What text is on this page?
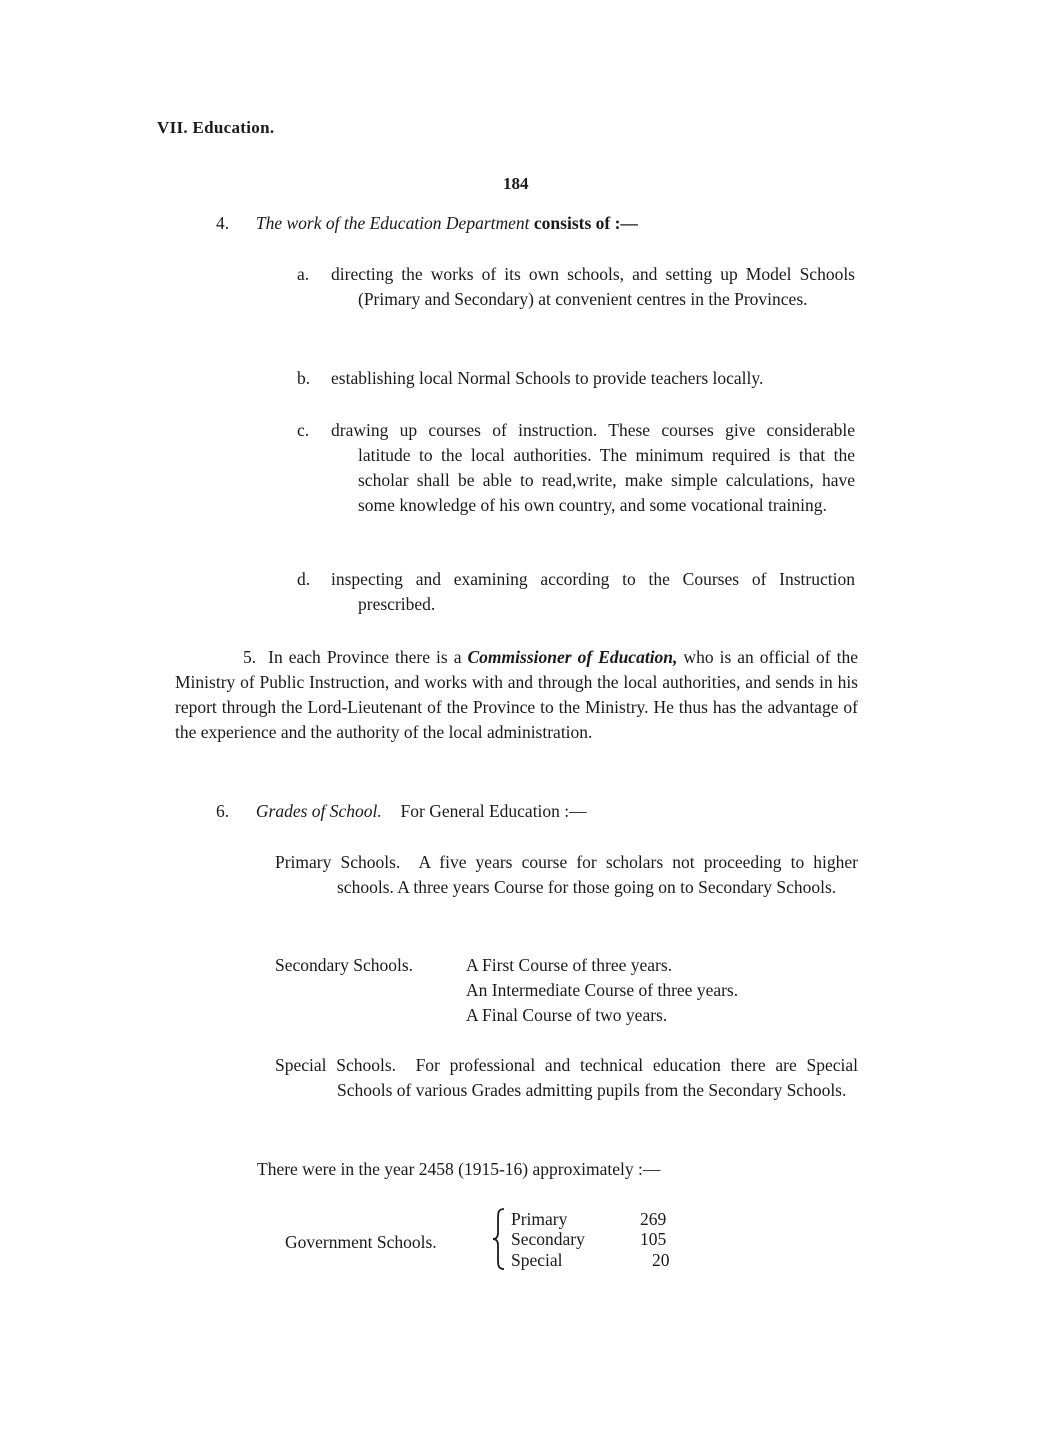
VII. Education.
184
4. The work of the Education Department consists of :—
a. directing the works of its own schools, and setting up Model Schools (Primary and Secondary) at convenient centres in the Provinces.
b. establishing local Normal Schools to provide teachers locally.
c. drawing up courses of instruction. These courses give considerable latitude to the local authorities. The minimum required is that the scholar shall be able to read,write, make simple calculations, have some knowledge of his own country, and some vocational training.
d. inspecting and examining according to the Courses of Instruction prescribed.
5. In each Province there is a Commissioner of Education, who is an official of the Ministry of Public Instruction, and works with and through the local authorities, and sends in his report through the Lord-Lieutenant of the Province to the Ministry. He thus has the advantage of the experience and the authority of the local administration.
6. Grades of School. For General Education :—
Primary Schools. A five years course for scholars not proceeding to higher schools. A three years Course for those going on to Secondary Schools.
Secondary Schools.	A First Course of three years.
An Intermediate Course of three years.
A Final Course of two years.
Special Schools. For professional and technical education there are Special Schools of various Grades admitting pupils from the Secondary Schools.
There were in the year 2458 (1915-16) approximately :—
Government Schools.
Primary	269
Secondary	105
Special	20
